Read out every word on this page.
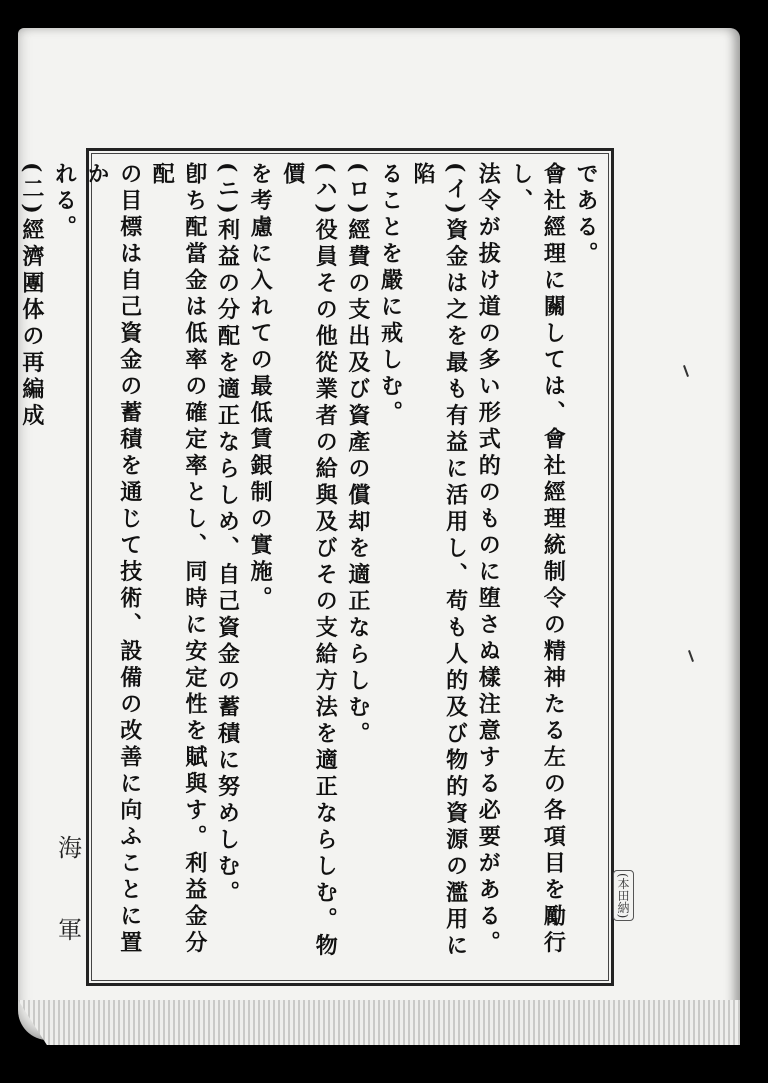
である。

會社經理に關しては、會社經理統制令の精神たる左の各項目を勵行し、

法令が拔け道の多い形式的のものに堕さぬ樣注意する必要がある。

(イ)資金は之を最も有益に活用し、苟も人的及び物的資源の濫用に陷

ることを嚴に戒しむ。

(ロ)經費の支出及び資產の償却を適正ならしむ。

(ハ)役員その他從業者の給與及びその支給方法を適正ならしむ。物價

を考慮に入れての最低賃銀制の實施。

(ニ)利益の分配を適正ならしめ、自己資金の蓄積に努めしむ。

卽ち配當金は低率の確定率とし、同時に安定性を賦與す。利益金分配

の目標は自己資金の蓄積を通じて技術、設備の改善に向ふことに置か

れる。

(二)經濟團体の再編成

海
軍
(本田納)
